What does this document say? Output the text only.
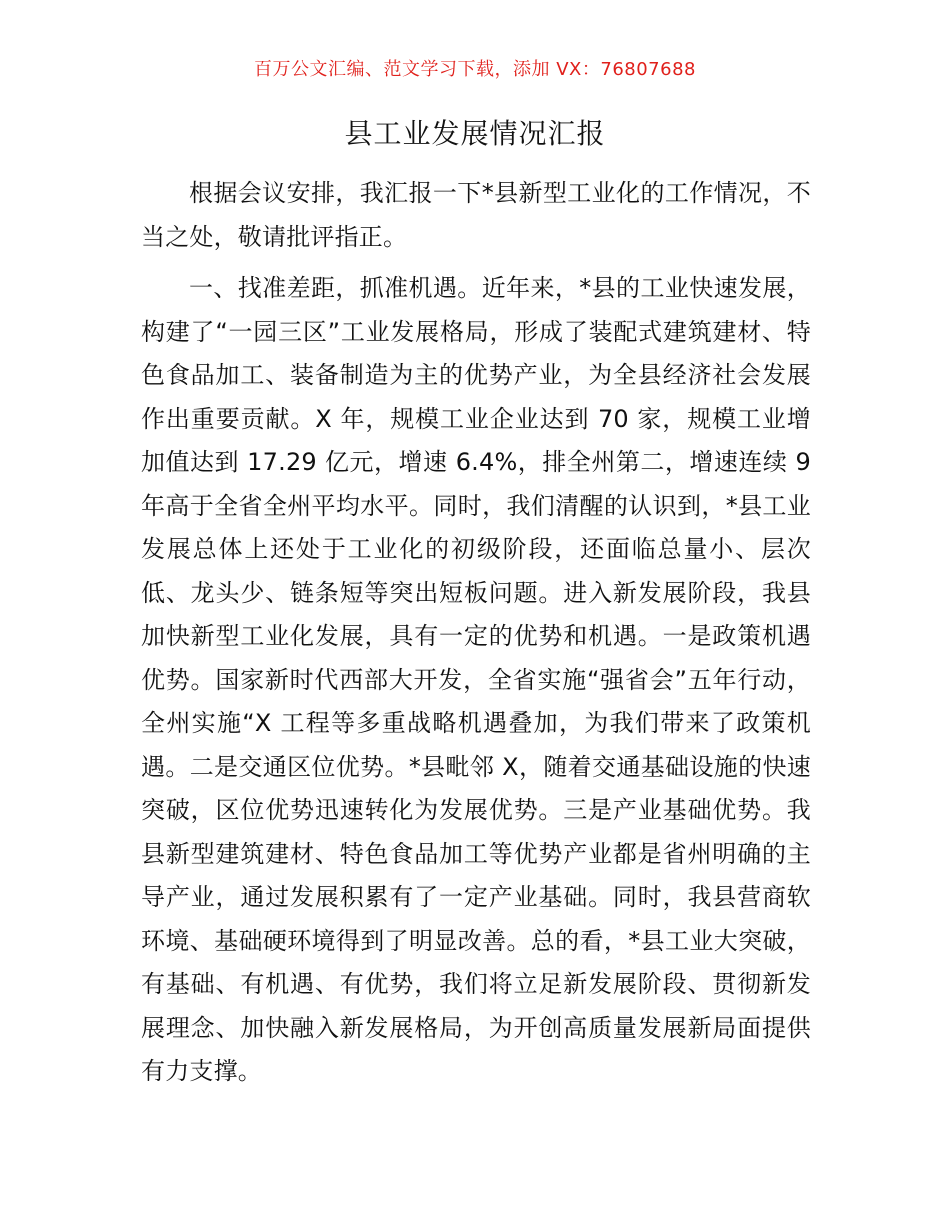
百万公文汇编、范文学习下载，添加 VX：76807688
县工业发展情况汇报

根据会议安排，我汇报一下*县新型工业化的工作情况，不当之处，敬请批评指正。

一、找准差距，抓准机遇。近年来，*县的工业快速发展，构建了“一园三区”工业发展格局，形成了装配式建筑建材、特色食品加工、装备制造为主的优势产业，为全县经济社会发展作出重要贡献。X 年，规模工业企业达到 70 家，规模工业增加值达到 17.29 亿元，增速 6.4%，排全州第二，增速连续 9 年高于全省全州平均水平。同时，我们清醒的认识到，*县工业发展总体上还处于工业化的初级阶段，还面临总量小、层次低、龙头少、链条短等突出短板问题。进入新发展阶段，我县加快新型工业化发展，具有一定的优势和机遇。一是政策机遇优势。国家新时代西部大开发，全省实施“强省会”五年行动，全州实施“X 工程等多重战略机遇叠加，为我们带来了政策机遇。二是交通区位优势。*县毗邻 X，随着交通基础设施的快速突破，区位优势迅速转化为发展优势。三是产业基础优势。我县新型建筑建材、特色食品加工等优势产业都是省州明确的主导产业，通过发展积累有了一定产业基础。同时，我县营商软环境、基础硬环境得到了明显改善。总的看，*县工业大突破，有基础、有机遇、有优势，我们将立足新发展阶段、贯彻新发展理念、加快融入新发展格局，为开创高质量发展新局面提供有力支撑。
